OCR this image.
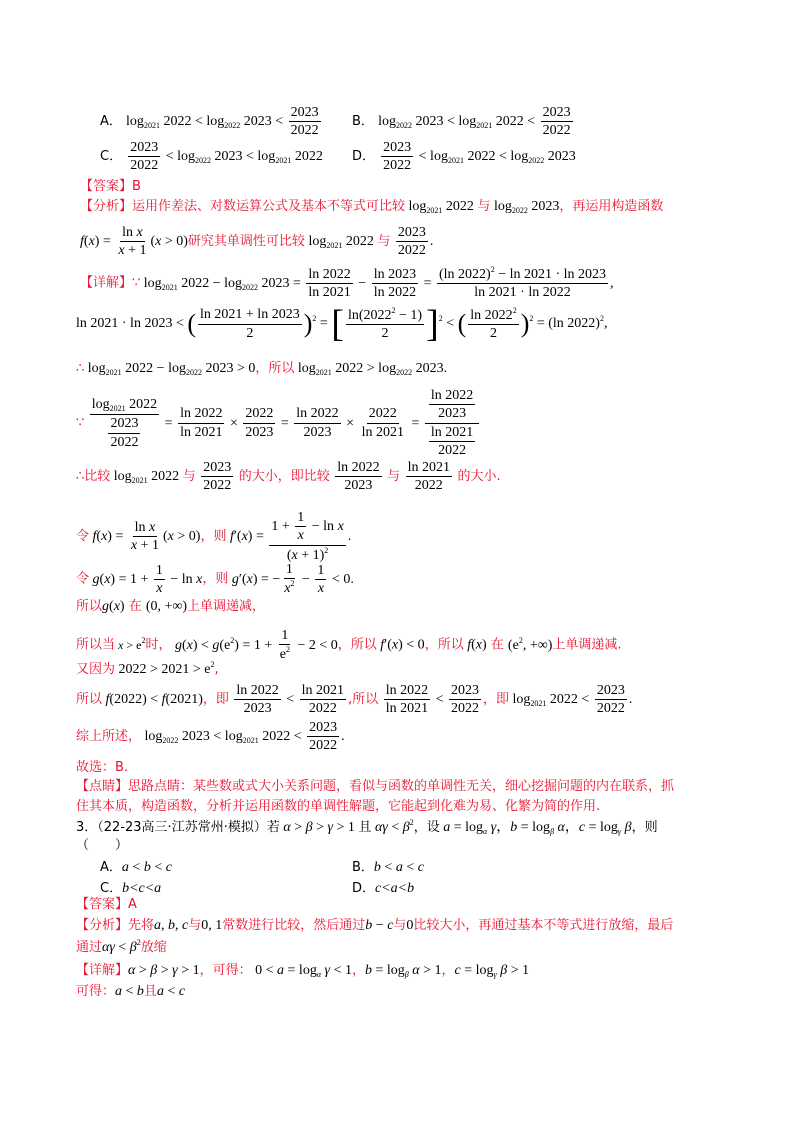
A． $\log_{2021} 2022 < \log_{2022} 2023 < \frac{2023}{2022}$ B． $\log_{2022} 2023 < \log_{2021} 2022 < \frac{2023}{2022}$
C． $\frac{2023}{2022} < \log_{2022} 2023 < \log_{2021} 2022$ D． $\frac{2023}{2022} < \log_{2021} 2022 < \log_{2022} 2023$
【答案】B
【分析】运用作差法、对数运算公式及基本不等式可比较 $\log_{2021} 2022$ 与 $\log_{2022} 2023$，再运用构造函数
$f(x) = \frac{\text{ln x}}{x + 1} (x > 0)$研究其单调性可比较 $\log_{2021} 2022$ 与 $\frac{2023}{2022}$ .
【详解】∵ $\log_{2021} 2022 - \log_{2022} 2023 = \frac{\ln 2022}{\ln 2021} - \frac{\ln 2023}{\ln 2022} = \frac{(\ln 2022)^2 - \ln 2021 \cdot \ln 2023}{\ln 2021 \cdot \ln 2022}$ ,
ln 2021 · ln 2023 < ( $\frac{\ln 2021 + \ln 2023}{2} )^2$ = [ $\frac{\ln(2022^2 - 1)}{2} ]^2$ < ( $\frac{\ln 2022^2}{2} )^2 = (\ln$ 2022)$^2$,
∴ $\log_{2021} 2022 - \log_{2022} 2023 > 0$，所以 $\log_{2021} 2022 > \log_{2022} 2023$.
∵ $\frac{\log_{2021} 2022}{\frac{2023}{2022}} = \frac{\ln 2022}{\ln 2021} \times \frac{2022}{2023} = \frac{\ln 2022}{2023} \times \frac{2022}{\ln 2021} = \frac{\frac{\ln 2022}{2023}}{\frac{\ln 2021}{2022}}$
∴比较 $\log_{2021} 2022$ 与 $\frac{2023}{2022}$ 的大小，即比较 $\frac{\ln 2022}{2023}$ 与 $\frac{\ln 2021}{2022}$ 的大小.
令 $f(x) = \frac{\text{ln x}}{x + 1} (x > 0)$，则 $f'(x) = \frac{1 + \frac{1}{x} - \ln x}{(x + 1)^2}$ .
令 $g(x) = 1 + \frac{1}{x} - \ln x$，则 g′(x) = − $\frac{1}{x^2} - \frac{1}{x} < 0$.
所以g(x) 在 (0, +∞)上单调递减，
所以当 $x > e^2$时， $g(x) < g(e^2) = 1 + \frac{1}{e^2} - 2 < 0$，所以 f′(x) < 0，所以 f(x) 在 ($e^2$, +∞)上单调递减.
又因为 $2022 > 2021 > e^2$,
所以 f(2022) < f(2021)，即 $\frac{\ln 2022}{2023} < \frac{\ln 2021}{2022}$ ,所以 $\frac{\ln 2022}{\ln 2021} < \frac{2023}{2022}$ ，即 $\log_{2021} 2022 < \frac{2023}{2022}$ .
综上所述， $\log_{2022} 2023 < \log_{2021} 2022 < \frac{2023}{2022}$ .
故选：B.
【点睛】思路点睛：某些数或式大小关系问题，看似与函数的单调性无关，细心挖掘问题的内在联系，抓
住其本质，构造函数，分析并运用函数的单调性解题，它能起到化难为易、化繁为简的作用.
3．（22-23高三·江苏常州·模拟）若 α > β > γ > 1 且 $\alpha\gamma < \beta^2$，设 $a = \log_\alpha \gamma$，$b = \log_\beta \alpha$，$c = \log_\gamma \beta$，则
（　　）
A．a < b < c	B．b < a < c
C．b<c<a	D．c<a<b
【答案】A
【分析】先将a, b, c与0, 1常数进行比较，然后通过b − c与0比较大小，再通过基本不等式进行放缩，最后
通过$\alpha\gamma < \beta^2$放缩
【详解】α > β > γ > 1，可得： $0 < a = \log_\alpha \gamma < 1$，$b = \log_\beta \alpha > 1$，$c = \log_\gamma \beta > 1$
可得：a < b且a < c
